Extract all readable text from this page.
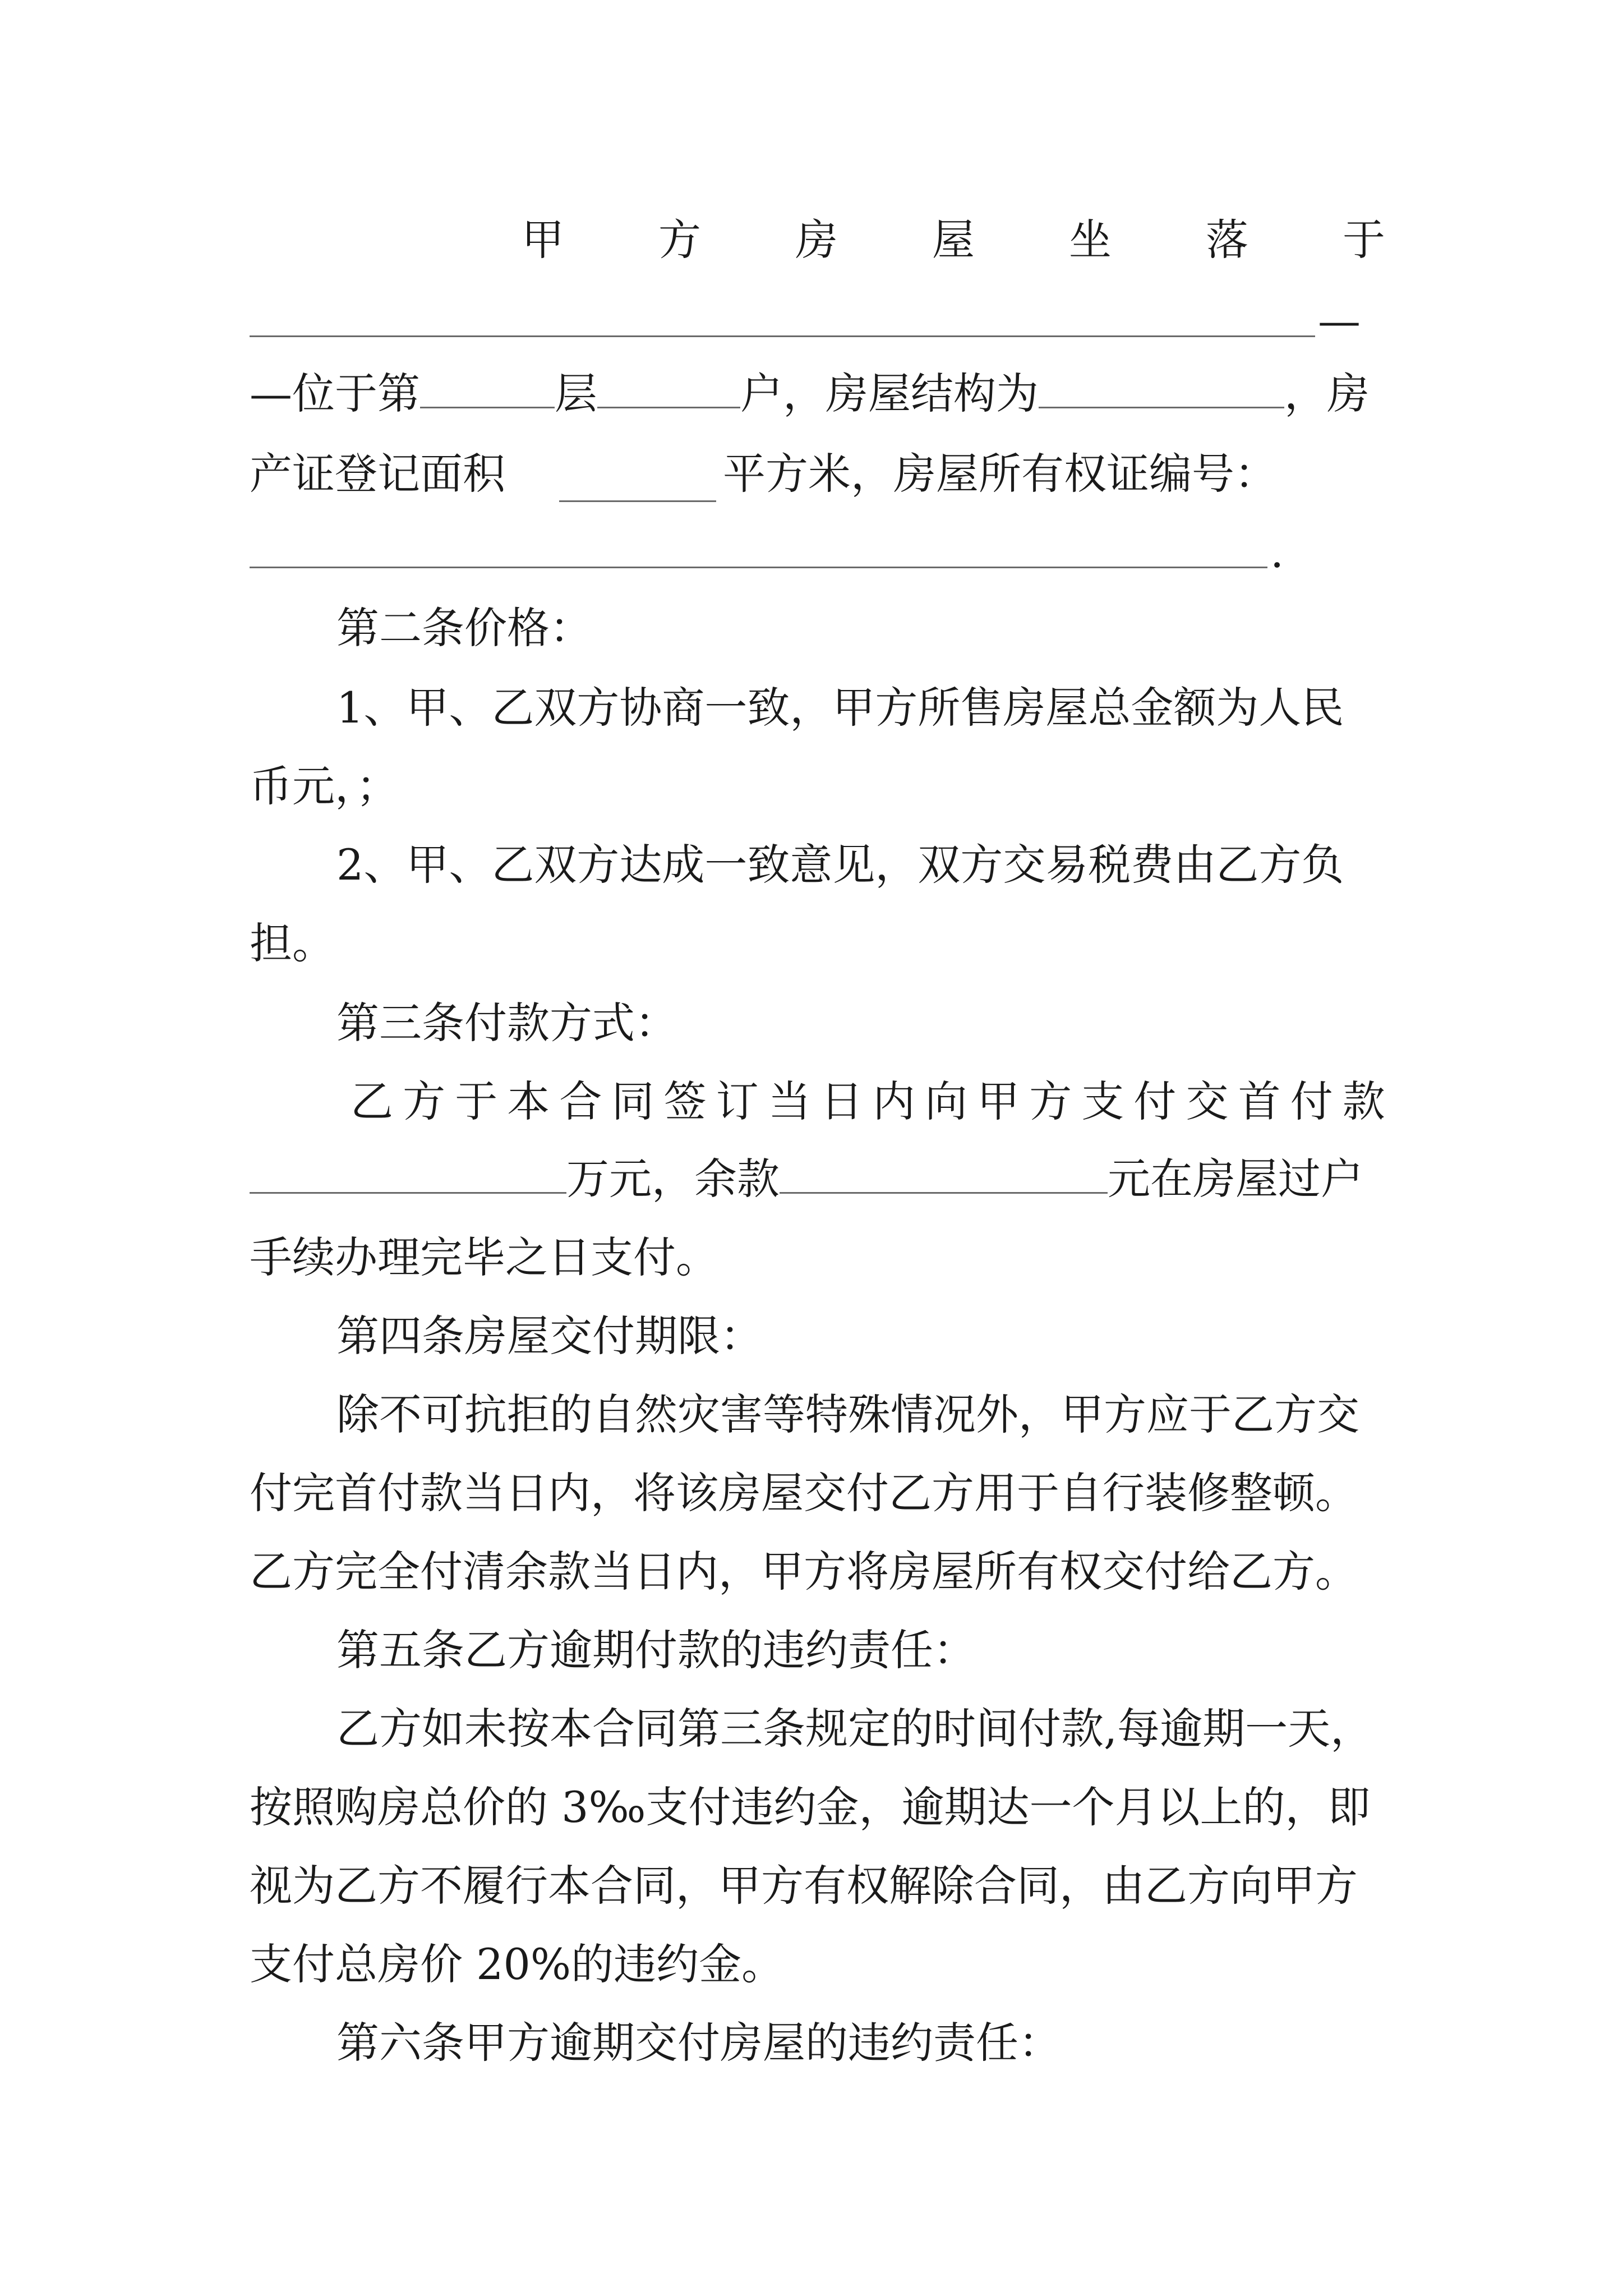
甲 方 房 屋 坐 落 于
—
—位于第	层	户，房屋结构为	，房
产证登记面积	平方米，房屋所有权证编号：
.
第二条价格：
1、甲、乙双方协商一致，甲方所售房屋总金额为人民
币元，；
2、甲、乙双方达成一致意见，双方交易税费由乙方负
担。
第三条付款方式：
乙 方 于 本 合 同 签 订 当 日 内 向 甲 方 支 付 交 首 付 款
万元，余款	元在房屋过户
手续办理完毕之日支付。
第四条房屋交付期限：
除不可抗拒的自然灾害等特殊情况外，甲方应于乙方交
付完首付款当日内，将该房屋交付乙方用于自行装修整顿。
乙方完全付清余款当日内，甲方将房屋所有权交付给乙方。
第五条乙方逾期付款的违约责任：
乙方如未按本合同第三条规定的时间付款,每逾期一天，
按照购房总价的 3‰支付违约金，逾期达一个月以上的，即
视为乙方不履行本合同，甲方有权解除合同，由乙方向甲方
支付总房价 20%的违约金。
第六条甲方逾期交付房屋的违约责任：
